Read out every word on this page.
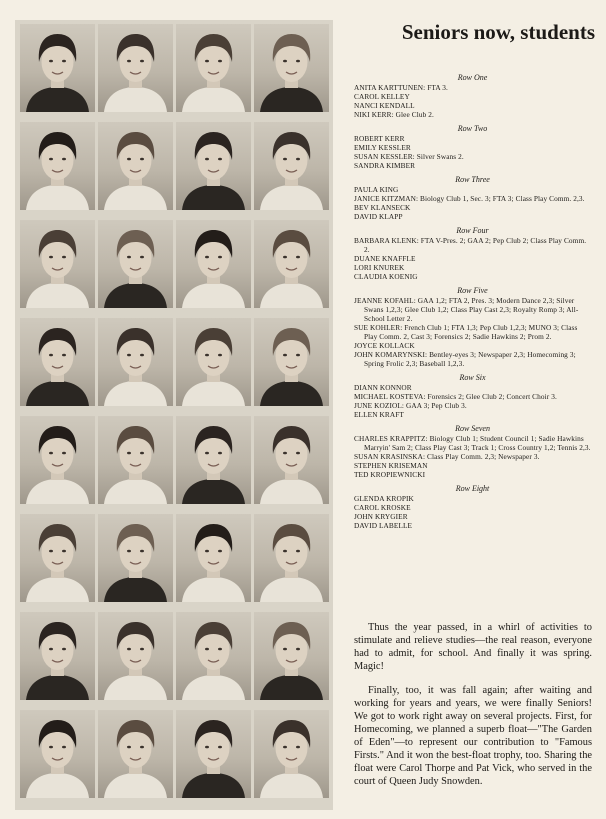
Seniors now, students
Row One

ANITA KARTTUNEN: FTA 3.

CAROL KELLEY

NANCI KENDALL

NIKI KERR: Glee Club 2.

Row Two

ROBERT KERR

EMILY KESSLER

SUSAN KESSLER: Silver Swans 2.

SANDRA KIMBER

Row Three

PAULA KING

JANICE KITZMAN: Biology Club 1, Sec. 3; FTA 3; Class Play Comm. 2,3.

BEV KLANSECK

DAVID KLAPP

Row Four

BARBARA KLENK: FTA V-Pres. 2; GAA 2; Pep Club 2; Class Play Comm. 2.

DUANE KNAFFLE

LORI KNUREK

CLAUDIA KOENIG

Row Five

JEANNE KOFAHL: GAA 1,2; FTA 2, Pres. 3; Modern Dance 2,3; Silver Swans 1,2,3; Glee Club 1,2; Class Play Cast 2,3; Royalty Romp 3; All-School Letter 2.

SUE KOHLER: French Club 1; FTA 1,3; Pep Club 1,2,3; MUNO 3; Class Play Comm. 2, Cast 3; Forensics 2; Sadie Hawkins 2; Prom 2.

JOYCE KOLLACK

JOHN KOMARYNSKI: Bentley-eyes 3; Newspaper 2,3; Homecoming 3; Spring Frolic 2,3; Baseball 1,2,3.

Row Six

DIANN KONNOR

MICHAEL KOSTEVA: Forensics 2; Glee Club 2; Concert Choir 3.

JUNE KOZIOL: GAA 3; Pep Club 3.

ELLEN KRAFT

Row Seven

CHARLES KRAPPITZ: Biology Club 1; Student Council 1; Sadie Hawkins Marryin' Sam 2; Class Play Cast 3; Track 1; Cross Country 1,2; Tennis 2,3.

SUSAN KRASINSKA: Class Play Comm. 2,3; Newspaper 3.

STEPHEN KRISEMAN

TED KROPIEWNICKI

Row Eight

GLENDA KROPIK

CAROL KROSKE

JOHN KRYGIER

DAVID LABELLE

Thus the year passed, in a whirl of activities to stimulate and relieve studies—the real reason, everyone had to admit, for school. And finally it was spring. Magic!

Finally, too, it was fall again; after waiting and working for years and years, we were finally Seniors! We got to work right away on several projects. First, for Homecoming, we planned a superb float—"The Garden of Eden"—to represent our contribution to "Famous Firsts." And it won the best-float trophy, too. Sharing the float were Carol Thorpe and Pat Vick, who served in the court of Queen Judy Snowden.
